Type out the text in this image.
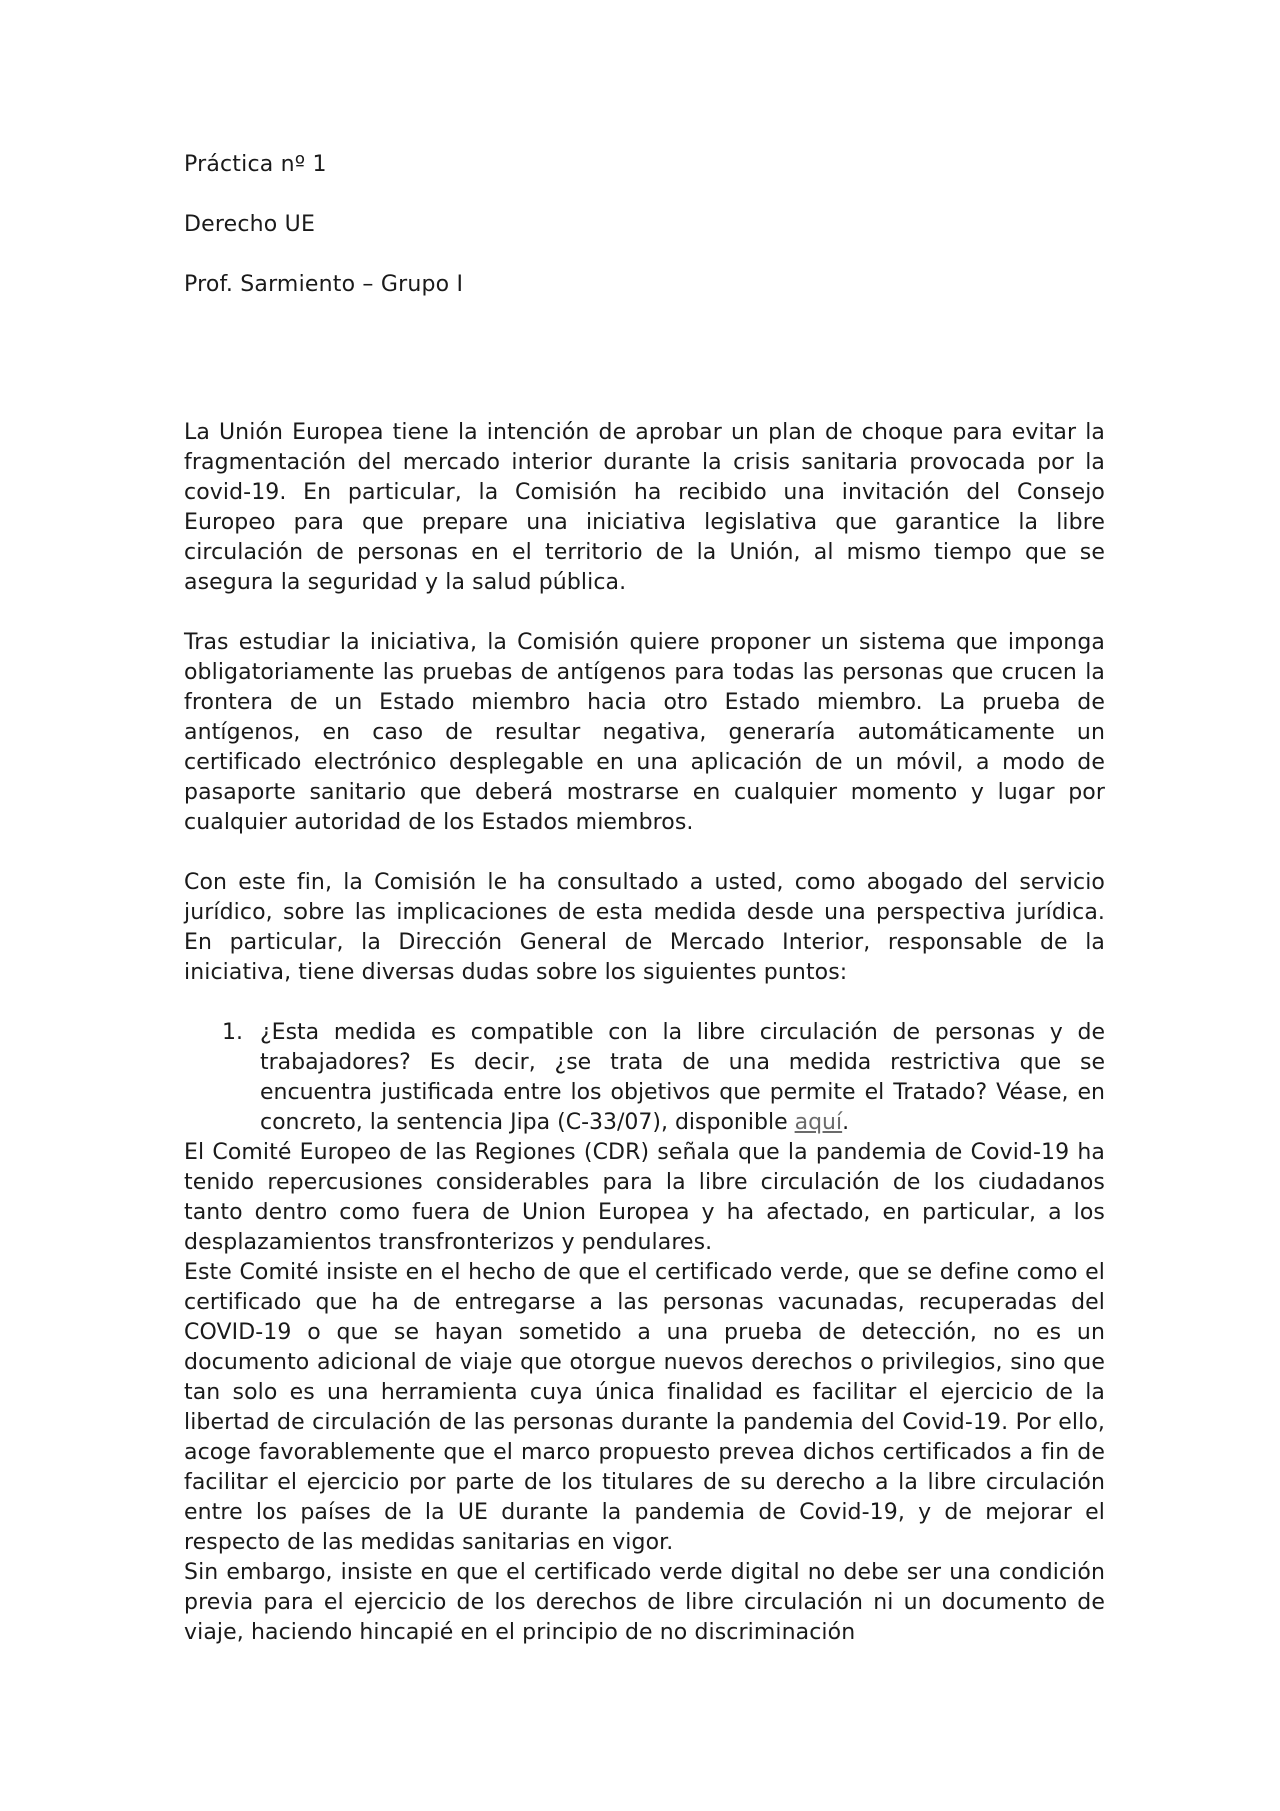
Práctica nº 1
Derecho UE
Prof. Sarmiento – Grupo I

La Unión Europea tiene la intención de aprobar un plan de choque para evitar la fragmentación del mercado interior durante la crisis sanitaria provocada por la covid-19. En particular, la Comisión ha recibido una invitación del Consejo Europeo para que prepare una iniciativa legislativa que garantice la libre circulación de personas en el territorio de la Unión, al mismo tiempo que se asegura la seguridad y la salud pública.

Tras estudiar la iniciativa, la Comisión quiere proponer un sistema que imponga obligatoriamente las pruebas de antígenos para todas las personas que crucen la frontera de un Estado miembro hacia otro Estado miembro. La prueba de antígenos, en caso de resultar negativa, generaría automáticamente un certificado electrónico desplegable en una aplicación de un móvil, a modo de pasaporte sanitario que deberá mostrarse en cualquier momento y lugar por cualquier autoridad de los Estados miembros.

Con este fin, la Comisión le ha consultado a usted, como abogado del servicio jurídico, sobre las implicaciones de esta medida desde una perspectiva jurídica. En particular, la Dirección General de Mercado Interior, responsable de la iniciativa, tiene diversas dudas sobre los siguientes puntos:

1. ¿Esta medida es compatible con la libre circulación de personas y de trabajadores? Es decir, ¿se trata de una medida restrictiva que se encuentra justificada entre los objetivos que permite el Tratado? Véase, en concreto, la sentencia Jipa (C-33/07), disponible aquí.

El Comité Europeo de las Regiones (CDR) señala que la pandemia de Covid-19 ha tenido repercusiones considerables para la libre circulación de los ciudadanos tanto dentro como fuera de Union Europea y ha afectado, en particular, a los desplazamientos transfronterizos y pendulares.

Este Comité insiste en el hecho de que el certificado verde, que se define como el certificado que ha de entregarse a las personas vacunadas, recuperadas del COVID-19 o que se hayan sometido a una prueba de detección, no es un documento adicional de viaje que otorgue nuevos derechos o privilegios, sino que tan solo es una herramienta cuya única finalidad es facilitar el ejercicio de la libertad de circulación de las personas durante la pandemia del Covid-19. Por ello, acoge favorablemente que el marco propuesto prevea dichos certificados a fin de facilitar el ejercicio por parte de los titulares de su derecho a la libre circulación entre los países de la UE durante la pandemia de Covid-19, y de mejorar el respecto de las medidas sanitarias en vigor.

Sin embargo, insiste en que el certificado verde digital no debe ser una condición previa para el ejercicio de los derechos de libre circulación ni un documento de viaje, haciendo hincapié en el principio de no discriminación
